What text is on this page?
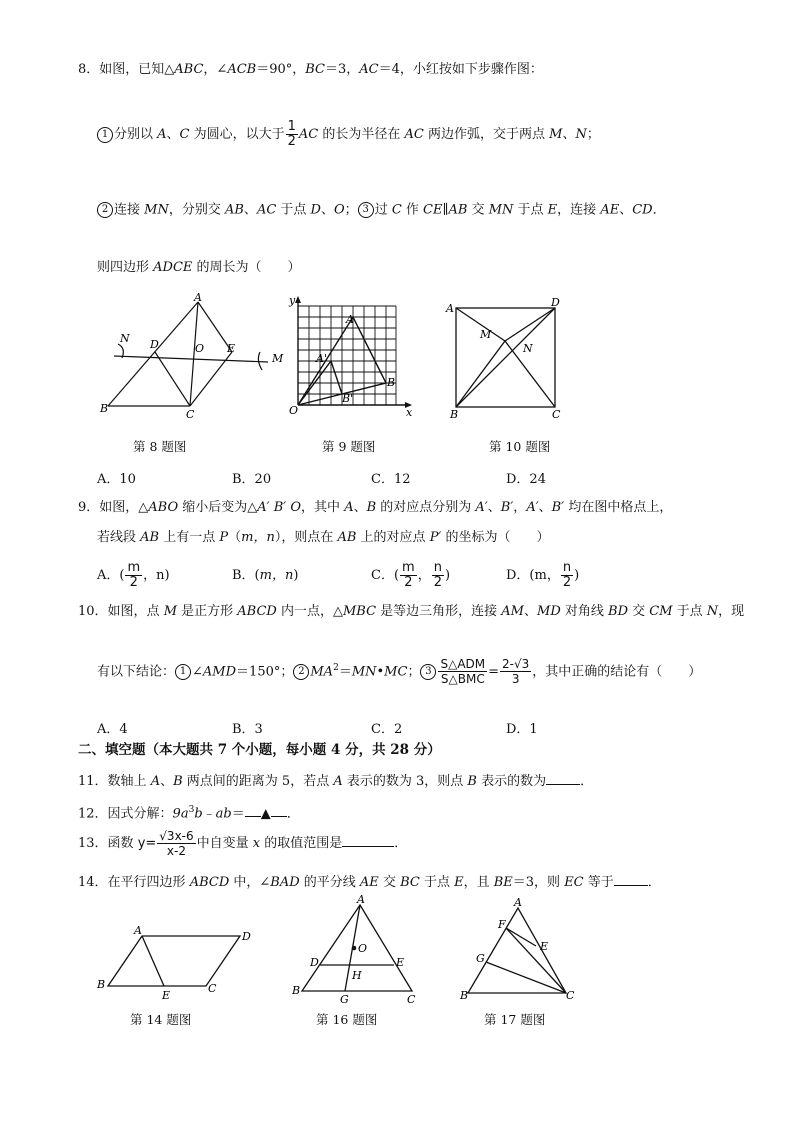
8．如图，已知△ABC，∠ACB＝90°，BC＝3，AC＝4，小红按如下步骤作图：
1 分别以 A、C 为圆心，以大于 $\frac{1}{2}$ AC 的长为半径在 AC 两边作弧，交于两点 M、N；
2 连接 MN，分别交 AB、AC 于点 D、O； 3 过 C 作 CE∥AB 交 MN 于点 E，连接 AE、CD．
则四边形 ADCE 的周长为（　　）
A
N D	O E
M
B	C
第 8 题图
y
A
A'
B
B'
O	x
第 9 题图
A	D
M
N
B	C
第 10 题图
A．10	B．20	C．12	D．24
9．如图，△ABO 缩小后变为△A′ B′ O，其中 A、B 的对应点分别为 A′、B′，A′、B′ 均在图中格点上，
若线段 AB 上有一点 P（m，n），则点在 AB 上的对应点 P′ 的坐标为（　　）
A．( $\frac{m}{2}$ ，n)	B．(m，n)	C．( $\frac{m}{2}$ ， $\frac{n}{2}$ )	D．(m， $\frac{n}{2}$ )
10．如图，点 M 是正方形 ABCD 内一点，△MBC 是等边三角形，连接 AM、MD 对角线 BD 交 CM 于点 N，现
有以下结论： 1 ∠AMD＝150°； 2 $MA^2=MN•MC$； $3 \frac{\text{S△ADM}}{\text{S△BMC}} = \frac{2-√3}{3}$ ，其中正确的结论有（　　）
A．4	B．3	C．2	D．1
二、填空题（本大题共 7 个小题，每小题 4 分，共 28 分）
11．数轴上 A、B 两点间的距离为 5，若点 A 表示的数为 3，则点 B 表示的数为	．
12．因式分解：$9a^3b﹣ab=$ ▲ ．
13．函数 $y= \frac{√3x-6}{x-2}$ 中自变量 x 的取值范围是	．
14．在平行四边形 ABCD 中，∠BAD 的平分线 AE 交 BC 于点 E，且 BE＝3，则 EC 等于	．
A	D
B
E
C
第 14 题图
A
O
D	E
H
B
G	C
第 16 题图
A
F
E
G
B	C
第 17 题图
